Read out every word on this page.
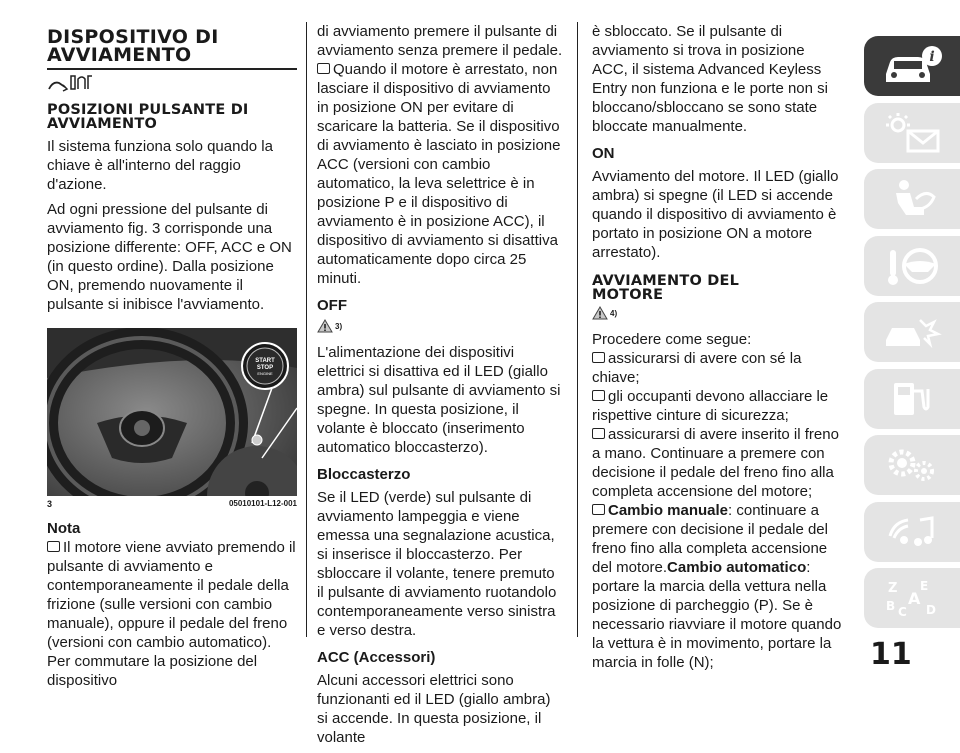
DISPOSITIVO DI
AVVIAMENTO
POSIZIONI PULSANTE DI
AVVIAMENTO

Il sistema funziona solo quando la chiave è all'interno del raggio d'azione.

Ad ogni pressione del pulsante di avviamento fig. 3 corrisponde una posizione differente: OFF, ACC e ON (in questo ordine). Dalla posizione ON, premendo nuovamente il pulsante si inibisce l'avviamento.

START
STOP
ENGINE
3	05010101-L12-001
Nota

Il motore viene avviato premendo il pulsante di avviamento e contemporaneamente il pedale della frizione (sulle versioni con cambio manuale), oppure il pedale del freno (versioni con cambio automatico). Per commutare la posizione del dispositivo

di avviamento premere il pulsante di avviamento senza premere il pedale.

Quando il motore è arrestato, non lasciare il dispositivo di avviamento in posizione ON per evitare di scaricare la batteria. Se il dispositivo di avviamento è lasciato in posizione ACC (versioni con cambio automatico, la leva selettrice è in posizione P e il dispositivo di avviamento è in posizione ACC), il dispositivo di avviamento si disattiva automaticamente dopo circa 25 minuti.

OFF
3)

L'alimentazione dei dispositivi elettrici si disattiva ed il LED (giallo ambra) sul pulsante di avviamento si spegne. In questa posizione, il volante è bloccato (inserimento automatico bloccasterzo).

Bloccasterzo

Se il LED (verde) sul pulsante di avviamento lampeggia e viene emessa una segnalazione acustica, si inserisce il bloccasterzo. Per sbloccare il volante, tenere premuto il pulsante di avviamento ruotandolo contemporaneamente verso sinistra e verso destra.

ACC (Accessori)

Alcuni accessori elettrici sono funzionanti ed il LED (giallo ambra) si accende. In questa posizione, il volante

è sbloccato. Se il pulsante di avviamento si trova in posizione ACC, il sistema Advanced Keyless Entry non funziona e le porte non si bloccano/sbloccano se sono state bloccate manualmente.

ON

Avviamento del motore. Il LED (giallo ambra) si spegne (il LED si accende quando il dispositivo di avviamento è portato in posizione ON a motore arrestato).

AVVIAMENTO DEL
MOTORE
4)

Procedere come segue:

assicurarsi di avere con sé la chiave;

gli occupanti devono allacciare le rispettive cinture di sicurezza;

assicurarsi di avere inserito il freno a mano. Continuare a premere con decisione il pedale del freno fino alla completa accensione del motore;

Cambio manuale: continuare a premere con decisione il pedale del freno fino alla completa accensione del motore.Cambio automatico: portare la marcia della vettura nella posizione di parcheggio (P). Se è necessario riavviare il motore quando la vettura è in movimento, portare la marcia in folle (N);

i
Z E
A
B C D
11
